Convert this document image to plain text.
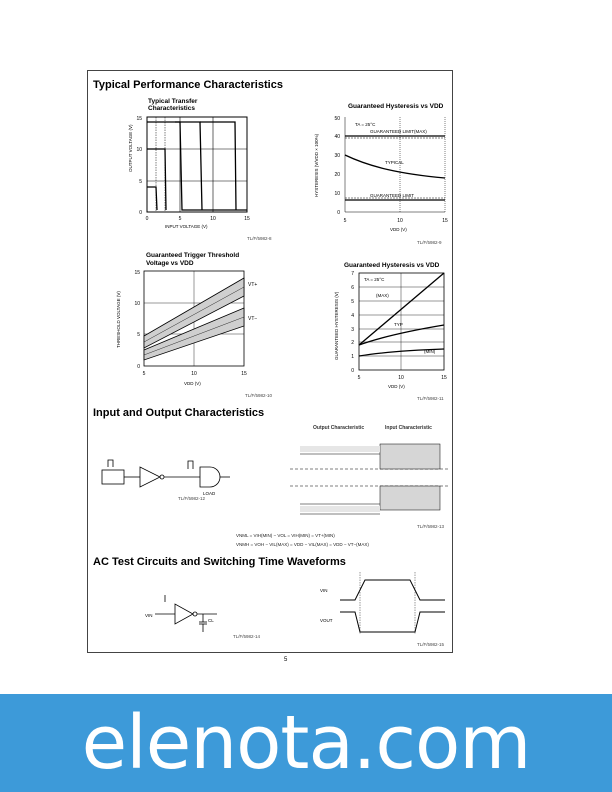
Typical Performance Characteristics
Typical Transfer
Characteristics
OUTPUT VOLTAGE (V)
15
10
5
0
0	5	10	15
INPUT VOLTAGE (V)
TL/F/5982-8
Guaranteed Hysteresis vs VDD
HYSTERESIS (V/VDD × 100%)
50
40
30
20
10
0
5	10	15
VDD (V)
TA = 25°C
GUARANTEED LIMIT(MAX)
TYPICAL
GUARANTEED LIMIT
TL/F/5982-9
Guaranteed Trigger Threshold
Voltage vs VDD
THRESHOLD VOLTAGE (V)
15
10
5
0
5	10	15
VDD (V)
VT+
VT−
TL/F/5982-10
Guaranteed Hysteresis vs VDD
GUARANTEED HYSTERESIS (V)
7
6
5
4
3
2
1
0
5	10	15
VDD (V)
TA = 25°C
(MAX)
TYP
(MIN)
TL/F/5982-11
Input and Output Characteristics
LOAD
TL/F/5982-12
Output Characteristic	Input Characteristic
TL/F/5982-13
VNML = VIH(MIN) − VOL = VIH(MIN) = VT+(MIN)
VNMH = VOH − VIL(MAX) = VDD − VIL(MAX) = VDD − VT−(MAX)
AC Test Circuits and Switching Time Waveforms
VIN
CL
TL/F/5982-14
VIN
VOUT
TL/F/5982-15
5
elenota.com
